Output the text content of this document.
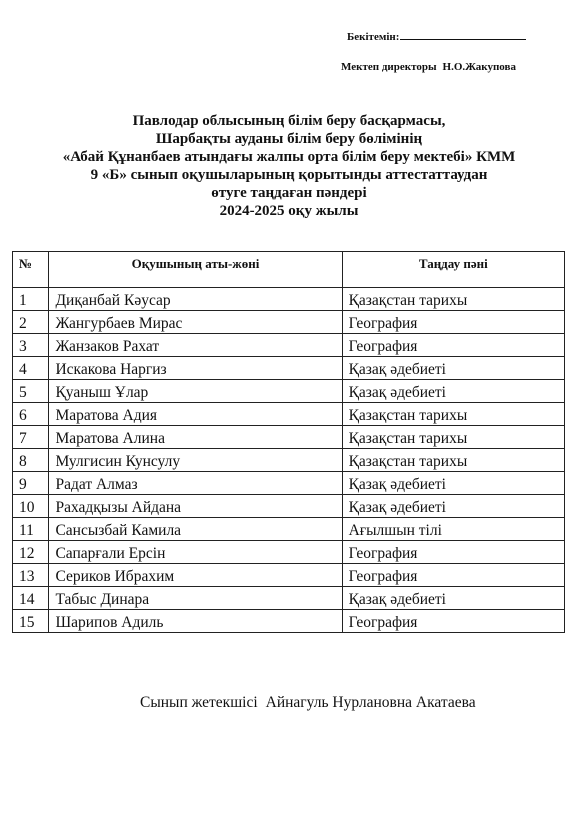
Бекітемін:
Мектеп директоры Н.О.Жакупова
Павлодар облысының білім беру басқармасы,
Шарбақты ауданы білім беру бөлімінің
«Абай Құнанбаев атындағы жалпы орта білім беру мектебі» КММ
9 «Б» сынып оқушыларының қорытынды аттестаттаудан
өтуге таңдаған пәндері
2024-2025 оқу жылы
№	Оқушының аты-жөні	Таңдау пәні
1	Диқанбай Кәусар	Қазақстан тарихы
2	Жангурбаев Мирас	География
3	Жанзаков Рахат	География
4	Искакова Наргиз	Қазақ әдебиеті
5	Қуаныш Ұлар	Қазақ әдебиеті
6	Маратова Адия	Қазақстан тарихы
7	Маратова Алина	Қазақстан тарихы
8	Мулгисин Кунсулу	Қазақстан тарихы
9	Радат Алмаз	Қазақ әдебиеті
10	Рахадқызы Айдана	Қазақ әдебиеті
11	Сансызбай Камила	Ағылшын тілі
12	Сапарғали Ерсін	География
13	Сериков Ибрахим	География
14	Табыс Динара	Қазақ әдебиеті
15	Шарипов Адиль	География
Сынып жетекшісі Айнагуль Нурлановна Акатаева
